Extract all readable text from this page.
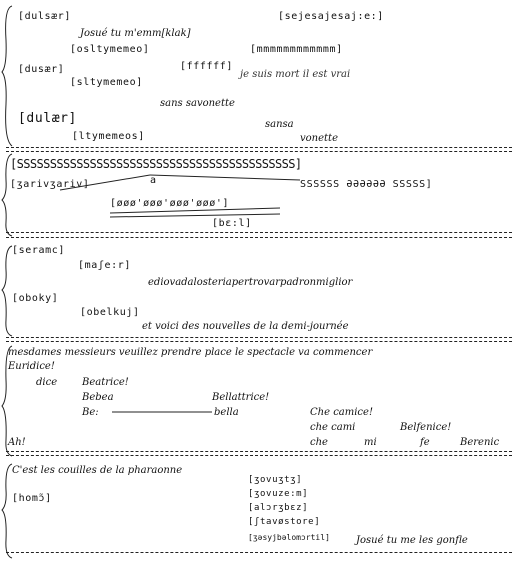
[dulsær]
Josué tu m'emm[klak]
[sejesajesaj:e:]
[osltymemeo]	[mmmmmmmmmmmm]
[dusær]	[ffffff]
je suis mort il est vrai
[sltymemeo]
sans savonette
sansa
[dulær]
[ltymemeos]	vonette
[SSSSSSSSSSSSSSSSSSSSSSSSSSSSSSSSSSSSSSSSSS]
[ʒarivʒariv]	a	SSSSSS ƏƏƏƏƏƏ SSSSS]
[øøø'øøø'øøø'øøø']
[bɛ:l]
[seramc]
[maʃe:r]
ediovadalosteriapertrovarpadronmiglior
[oboky]
[obelkuj]
et voici des nouvelles de la demi-journée
mesdames messieurs veuillez prendre place le spectacle va commencer
Euridice!
dice Beatrice!
Bebea	Bellattrice!
Be:	bella	Che camice!
che cami	Belfenice!
Ah!	che	mi	fe	Berenic
C'est les couilles de la pharaonne
[ʒovuʒtʒ]
[homɔ̃]	[ʒovuze:m]
[alɔrʒbɛz]
[ʃtavøstore]
[ʒəsyjbəlomɔrtil]	Josué tu me les gonfle
